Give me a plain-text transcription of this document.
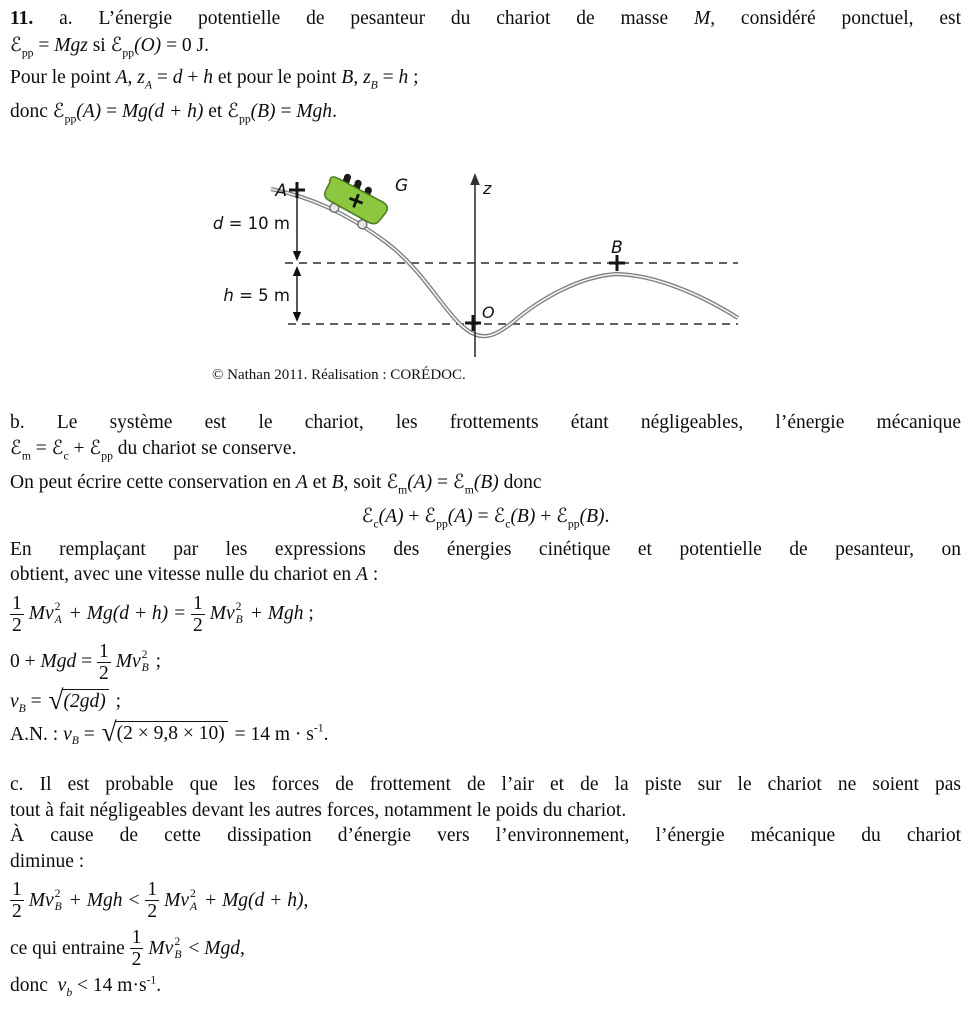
11. a. L’énergie potentielle de pesanteur du chariot de masse M, considéré ponctuel, est
ℰ$_{pp}$ = Mgz si ℰ$_{pp}$(O) = 0 J.
Pour le point A, $z_A = d + h$ et pour le point B, $z_B = h$ ;
donc ℰ$_{pp}$(A) = Mg(d + h) et ℰ$_{pp}$(B) = Mgh.
A	G
B
z
O
d = 10 m
h = 5 m
© Nathan 2011. Réalisation : CORÉDOC.
b. Le système est le chariot, les frottements étant négligeables, l’énergie mécanique
ℰ$_m$ = ℰ$_c$ + ℰ$_{pp}$ du chariot se conserve.
On peut écrire cette conservation en A et B, soit ℰ$_m$(A) = ℰ$_m$(B) donc
ℰ$_c$(A) + ℰ$_{pp}$(A) = ℰ$_c$(B) + ℰ$_{pp}$(B).
En remplaçant par les expressions des énergies cinétique et potentielle de pesanteur, on
obtient, avec une vitesse nulle du chariot en A :
$\frac{1}{2}$ Mv 2
$A + Mg(d + h) = \frac{1}{2}$ Mv 2
B + Mgh ;
0 + Mgd = $\frac{1}{2}$ Mv 2
B ;
v B = √ (2gd) ;
A.N. : v B = √ (2 × 9,8 × 10) = 14 m · s -1 .
c. Il est probable que les forces de frottement de l’air et de la piste sur le chariot ne soient pas
tout à fait négligeables devant les autres forces, notamment le poids du chariot.
À cause de cette dissipation d’énergie vers l’environnement, l’énergie mécanique du chariot
diminue :
$\frac{1}{2}$ Mv 2
B + Mgh < $\frac{1}{2}$ Mv 2
A + Mg(d + h) ,
ce qui entraine $\frac{1}{2}$ Mv 2
B < Mgd ,
donc v b < 14 m·s -1 .
